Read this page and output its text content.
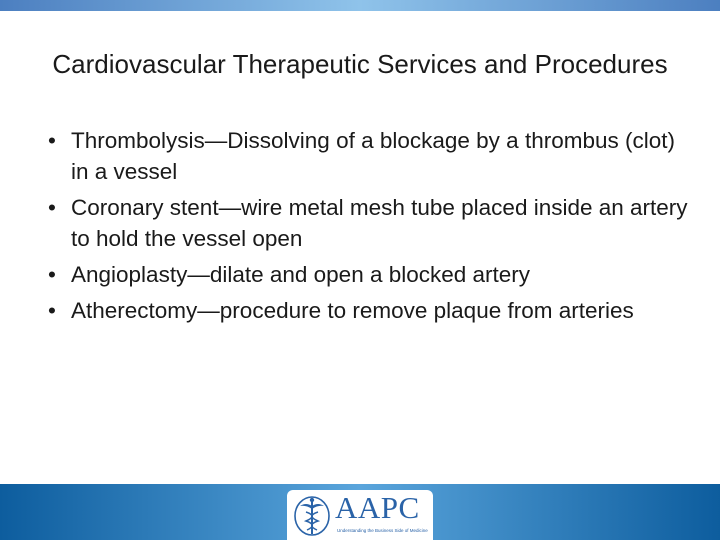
Cardiovascular Therapeutic Services and Procedures
• Thrombolysis—Dissolving of a blockage by a thrombus (clot) in a vessel
• Coronary stent—wire metal mesh tube placed inside an artery to hold the vessel open
• Angioplasty—dilate and open a blocked artery
• Atherectomy—procedure to remove plaque from arteries
AAPC
Understanding the Business Side of Medicine
